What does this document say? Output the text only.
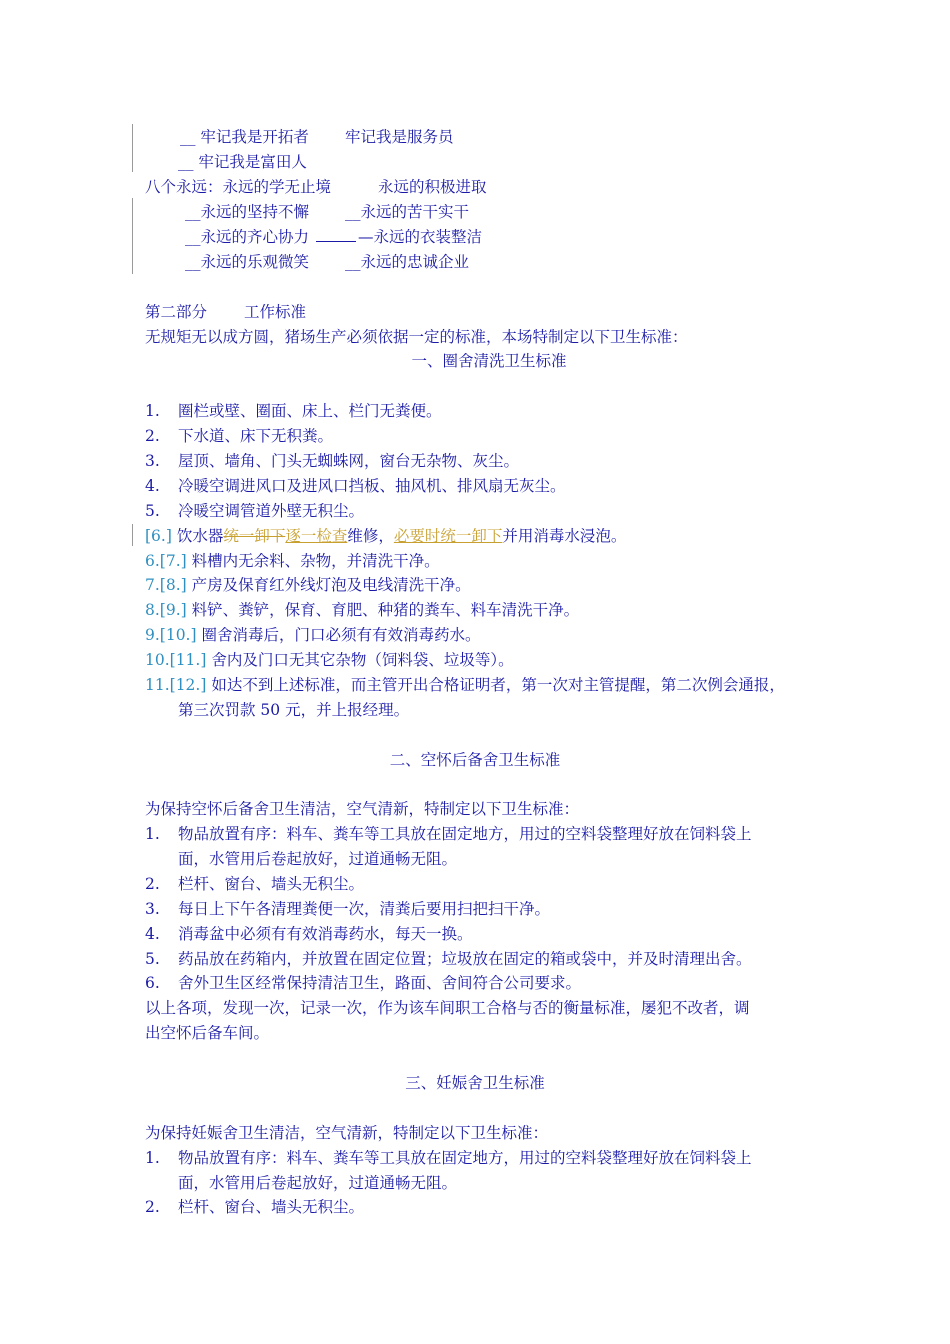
__ 牢记我是开拓者 牢记我是服务员
__ 牢记我是富田人
八个永远：永远的学无止境	永远的积极进取
__永远的坚持不懈 __永远的苦干实干
__永远的齐心协力	—永远的衣装整洁
__永远的乐观微笑 __永远的忠诚企业
第二部分 工作标准
无规矩无以成方圆，猪场生产必须依据一定的标准，本场特制定以下卫生标准：
一、圈舍清洗卫生标准
1. 圈栏或壁、圈面、床上、栏门无粪便。
2. 下水道、床下无积粪。
3. 屋顶、墙角、门头无蜘蛛网，窗台无杂物、灰尘。
4. 冷暖空调进风口及进风口挡板、抽风机、排风扇无灰尘。
5. 冷暖空调管道外壁无积尘。
[6.] 饮水器统一卸下逐一检查维修，必要时统一卸下并用消毒水浸泡。
6.[7.] 料槽内无余料、杂物，并清洗干净。
7.[8.] 产房及保育红外线灯泡及电线清洗干净。
8.[9.] 料铲、粪铲，保育、育肥、种猪的粪车、料车清洗干净。
9.[10.] 圈舍消毒后，门口必须有有效消毒药水。
10.[11.] 舍内及门口无其它杂物（饲料袋、垃圾等）。
11.[12.] 如达不到上述标准，而主管开出合格证明者，第一次对主管提醒，第二次例会通报，
第三次罚款 50 元，并上报经理。
二、空怀后备舍卫生标准
为保持空怀后备舍卫生清洁，空气清新，特制定以下卫生标准：
1. 物品放置有序：料车、粪车等工具放在固定地方，用过的空料袋整理好放在饲料袋上
面，水管用后卷起放好，过道通畅无阻。
2. 栏杆、窗台、墙头无积尘。
3. 每日上下午各清理粪便一次，清粪后要用扫把扫干净。
4. 消毒盆中必须有有效消毒药水，每天一换。
5. 药品放在药箱内，并放置在固定位置；垃圾放在固定的箱或袋中，并及时清理出舍。
6. 舍外卫生区经常保持清洁卫生，路面、舍间符合公司要求。
以上各项，发现一次，记录一次，作为该车间职工合格与否的衡量标准，屡犯不改者，调
出空怀后备车间。
三、妊娠舍卫生标准
为保持妊娠舍卫生清洁，空气清新，特制定以下卫生标准：
1. 物品放置有序：料车、粪车等工具放在固定地方，用过的空料袋整理好放在饲料袋上
面，水管用后卷起放好，过道通畅无阻。
2. 栏杆、窗台、墙头无积尘。
